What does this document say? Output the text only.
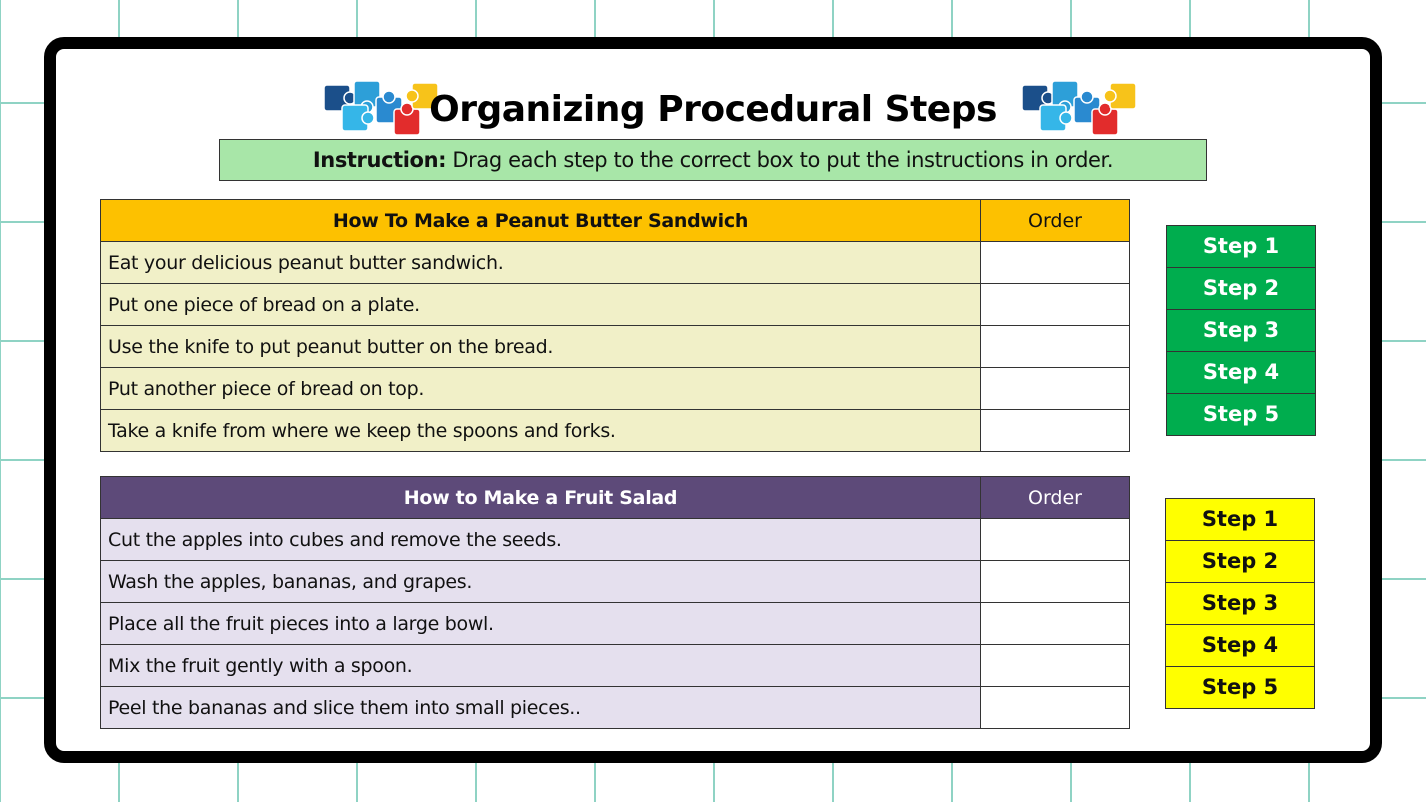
Organizing Procedural Steps
Instruction: Drag each step to the correct box to put the instructions in order.
How To Make a Peanut Butter Sandwich	Order
Eat your delicious peanut butter sandwich.	
Put one piece of bread on a plate.	
Use the knife to put peanut butter on the bread.	
Put another piece of bread on top.	
Take a knife from where we keep the spoons and forks.	
Step 1
Step 2
Step 3
Step 4
Step 5
How to Make a Fruit Salad	Order
Cut the apples into cubes and remove the seeds.	
Wash the apples, bananas, and grapes.	
Place all the fruit pieces into a large bowl.	
Mix the fruit gently with a spoon.	
Peel the bananas and slice them into small pieces..	
Step 1
Step 2
Step 3
Step 4
Step 5
